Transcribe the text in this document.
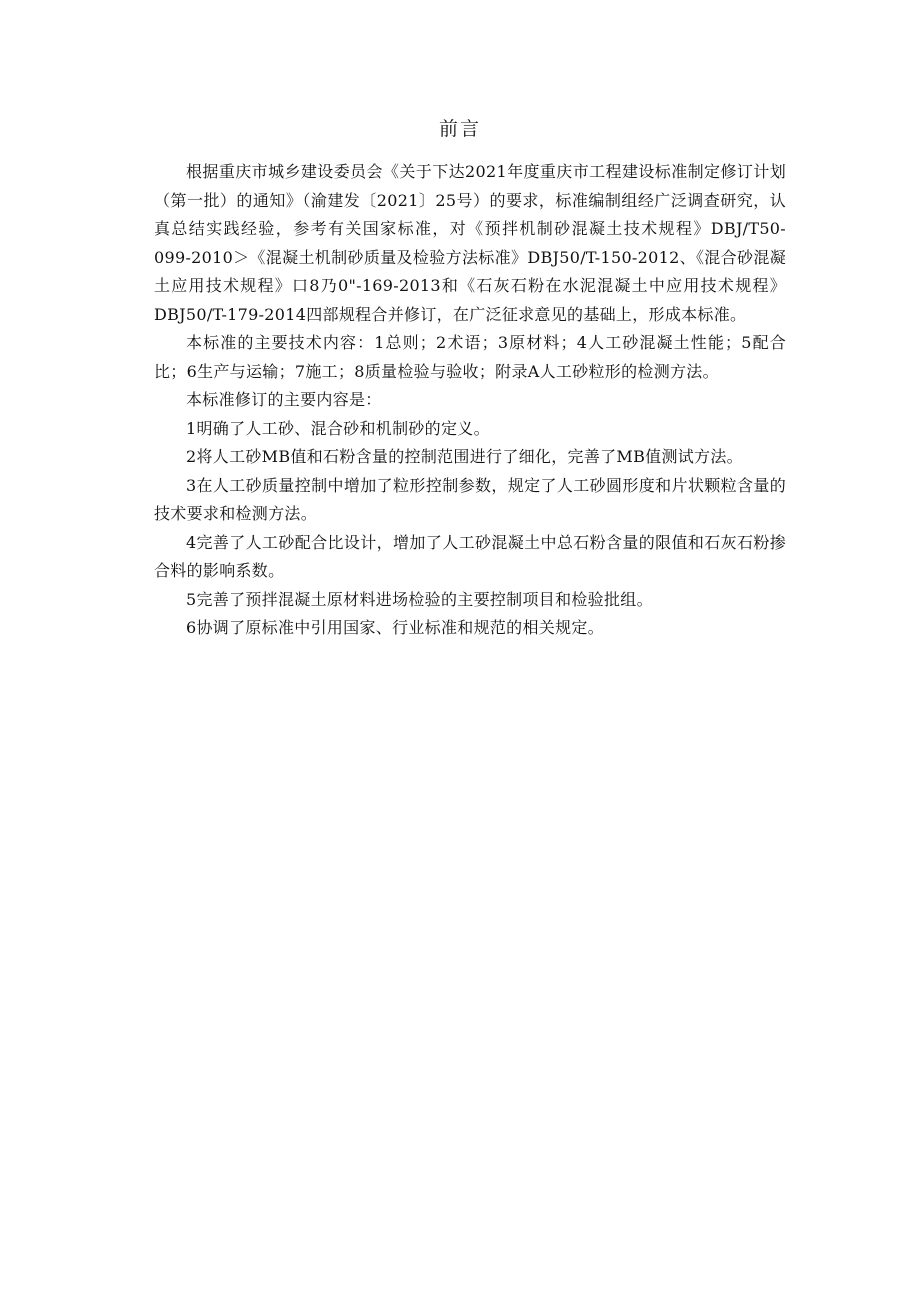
前言

根据重庆市城乡建设委员会《关于下达2021年度重庆市工程建设标准制定修订计划（第一批）的通知》（渝建发〔2021〕25号）的要求，标准编制组经广泛调查研究，认真总结实践经验，参考有关国家标准，对《预拌机制砂混凝土技术规程》DBJ/T50-099-2010＞《混凝土机制砂质量及检验方法标准》DBJ50/T-150-2012、《混合砂混凝土应用技术规程》口8乃0"-169-2013和《石灰石粉在水泥混凝土中应用技术规程》DBJ50/T-179-2014四部规程合并修订，在广泛征求意见的基础上，形成本标准。

本标准的主要技术内容：1总则；2术语；3原材料；4人工砂混凝土性能；5配合比；6生产与运输；7施工；8质量检验与验收；附录A人工砂粒形的检测方法。

本标准修订的主要内容是：

1明确了人工砂、混合砂和机制砂的定义。

2将人工砂MB值和石粉含量的控制范围进行了细化，完善了MB值测试方法。

3在人工砂质量控制中增加了粒形控制参数，规定了人工砂圆形度和片状颗粒含量的技术要求和检测方法。

4完善了人工砂配合比设计，增加了人工砂混凝土中总石粉含量的限值和石灰石粉掺合料的影响系数。

5完善了预拌混凝土原材料进场检验的主要控制项目和检验批组。

6协调了原标准中引用国家、行业标准和规范的相关规定。
